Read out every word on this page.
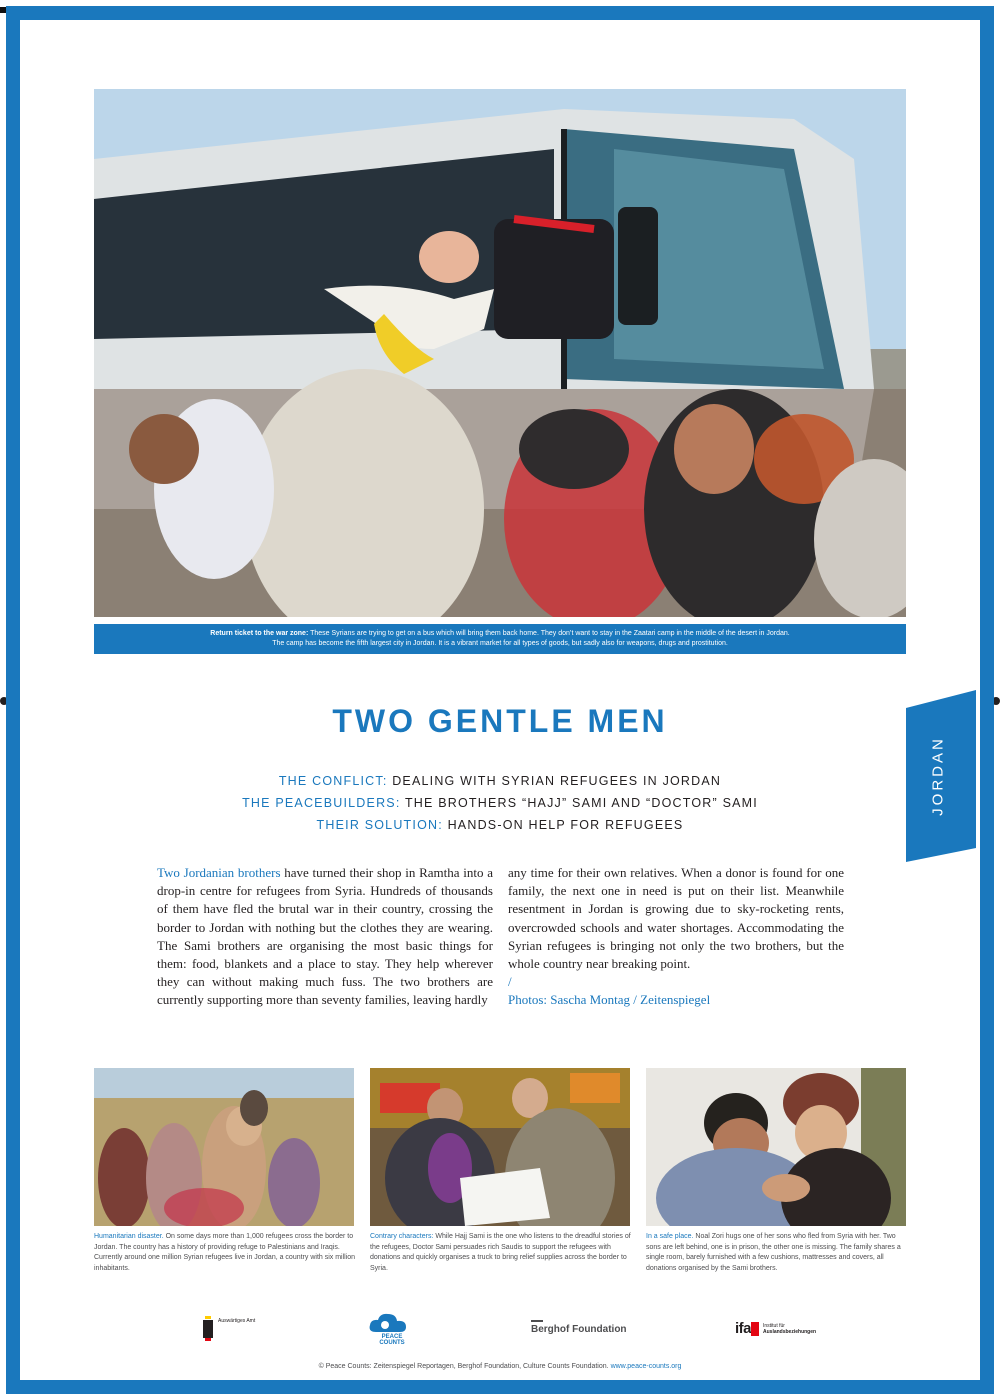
Return ticket to the war zone: These Syrians are trying to get on a bus which will bring them back home. They don’t want to stay in the Zaatari camp in the middle of the desert in Jordan.
The camp has become the fifth largest city in Jordan. It is a vibrant market for all types of goods, but sadly also for weapons, drugs and prostitution.
JORDAN
TWO GENTLE MEN
THE CONFLICT: DEALING WITH SYRIAN REFUGEES IN JORDAN
THE PEACEBUILDERS: THE BROTHERS “HAJJ” SAMI AND “DOCTOR” SAMI
THEIR SOLUTION: HANDS-ON HELP FOR REFUGEES
Two Jordanian brothers have turned their shop in Ramtha into a drop-in centre for refugees from Syria. Hundreds of thousands of them have fled the brutal war in their country, crossing the border to Jordan with nothing but the clothes they are wearing. The Sami brothers are organising the most basic things for them: food, blankets and a place to stay. They help wherever they can without making much fuss. The two brothers are currently supporting more than seventy families, leaving hardly
any time for their own relatives. When a donor is found for one family, the next one in need is put on their list. Meanwhile resentment in Jordan is growing due to sky-rocketing rents, overcrowded schools and water shortages. Accommodating the Syrian refugees is bringing not only the two brothers, but the whole country near breaking point.
/
Photos: Sascha Montag / Zeitenspiegel
Humanitarian disaster. On some days more than 1,000 refugees cross the border to Jordan. The country has a history of providing refuge to Palestinians and Iraqis. Currently around one million Syrian refugees live in Jordan, a country with six million inhabitants.
Contrary characters: While Hajj Sami is the one who listens to the dreadful stories of the refugees, Doctor Sami persuades rich Saudis to support the refugees with donations and quickly organises a truck to bring relief supplies across the border to Syria.
In a safe place. Noal Zori hugs one of her sons who fled from Syria with her. Two sons are left behind, one is in prison, the other one is missing. The family shares a single room, barely furnished with a few cushions, mattresses and covers, all donations organised by the Sami brothers.
Auswärtiges Amt
PEACE COUNTS
Berghof Foundation	ifa Institut für
Auslandsbeziehungen
© Peace Counts: Zeitenspiegel Reportagen, Berghof Foundation, Culture Counts Foundation. www.peace-counts.org
